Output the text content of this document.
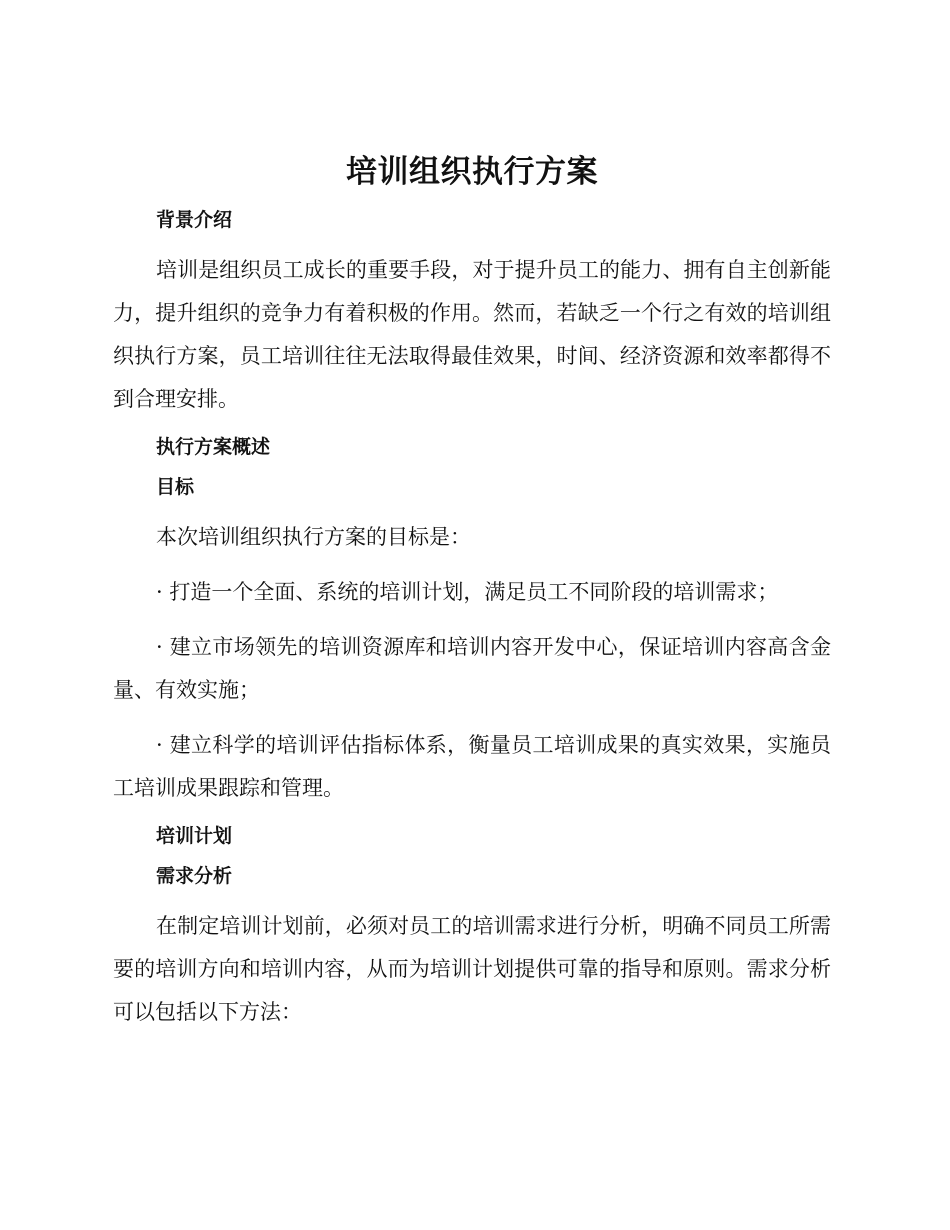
培训组织执行方案
背景介绍

培训是组织员工成长的重要手段，对于提升员工的能力、拥有自主创新能力，提升组织的竞争力有着积极的作用。然而，若缺乏一个行之有效的培训组织执行方案，员工培训往往无法取得最佳效果，时间、经济资源和效率都得不到合理安排。

执行方案概述
目标

本次培训组织执行方案的目标是：

· 打造一个全面、系统的培训计划，满足员工不同阶段的培训需求；

· 建立市场领先的培训资源库和培训内容开发中心，保证培训内容高含金量、有效实施；

· 建立科学的培训评估指标体系，衡量员工培训成果的真实效果，实施员工培训成果跟踪和管理。

培训计划
需求分析

在制定培训计划前，必须对员工的培训需求进行分析，明确不同员工所需要的培训方向和培训内容，从而为培训计划提供可靠的指导和原则。需求分析可以包括以下方法：
